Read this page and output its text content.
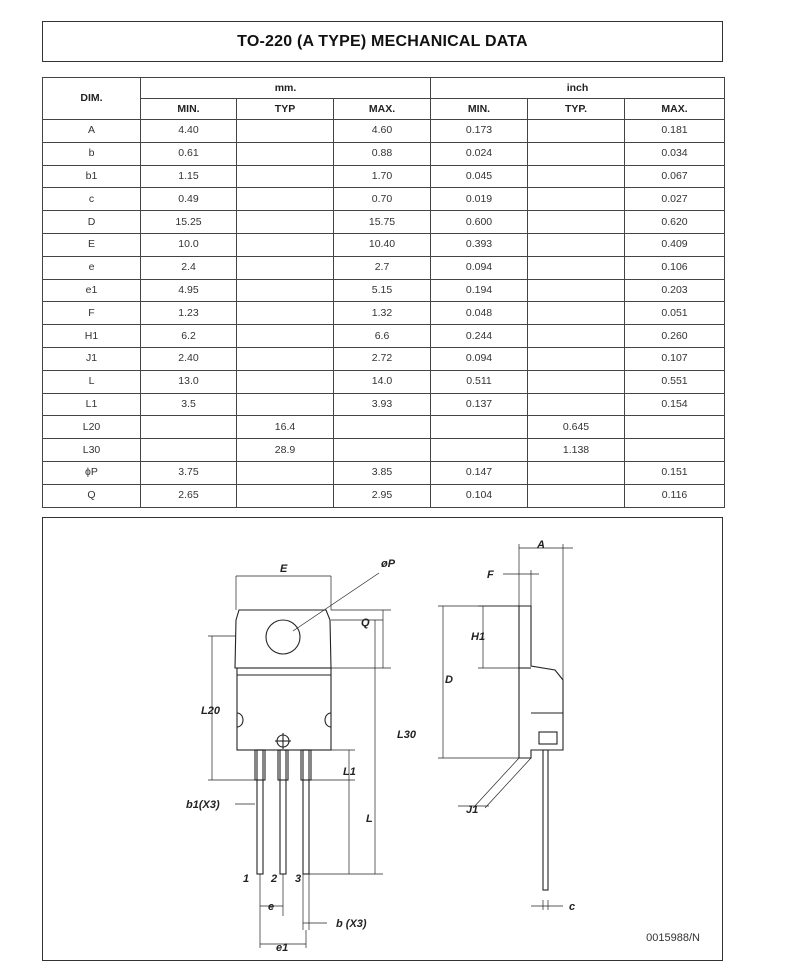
TO-220 (A TYPE) MECHANICAL DATA
DIM.	mm.			inch		
	MIN.	TYP	MAX.	MIN.	TYP.	MAX.
A	4.40		4.60	0.173		0.181
b	0.61		0.88	0.024		0.034
b1	1.15		1.70	0.045		0.067
c	0.49		0.70	0.019		0.027
D	15.25		15.75	0.600		0.620
E	10.0		10.40	0.393		0.409
e	2.4		2.7	0.094		0.106
e1	4.95		5.15	0.194		0.203
F	1.23		1.32	0.048		0.051
H1	6.2		6.6	0.244		0.260
J1	2.40		2.72	0.094		0.107
L	13.0		14.0	0.511		0.551
L1	3.5		3.93	0.137		0.154
L20		16.4			0.645	
L30		28.9			1.138	
ϕP	3.75		3.85	0.147		0.151
Q	2.65		2.95	0.104		0.116
E	øP
Q
L20
L30
L1
L
b1(X3)
b (X3)
e
e1
1 2 3
A
F
H1
D
J1
c
0015988/N
